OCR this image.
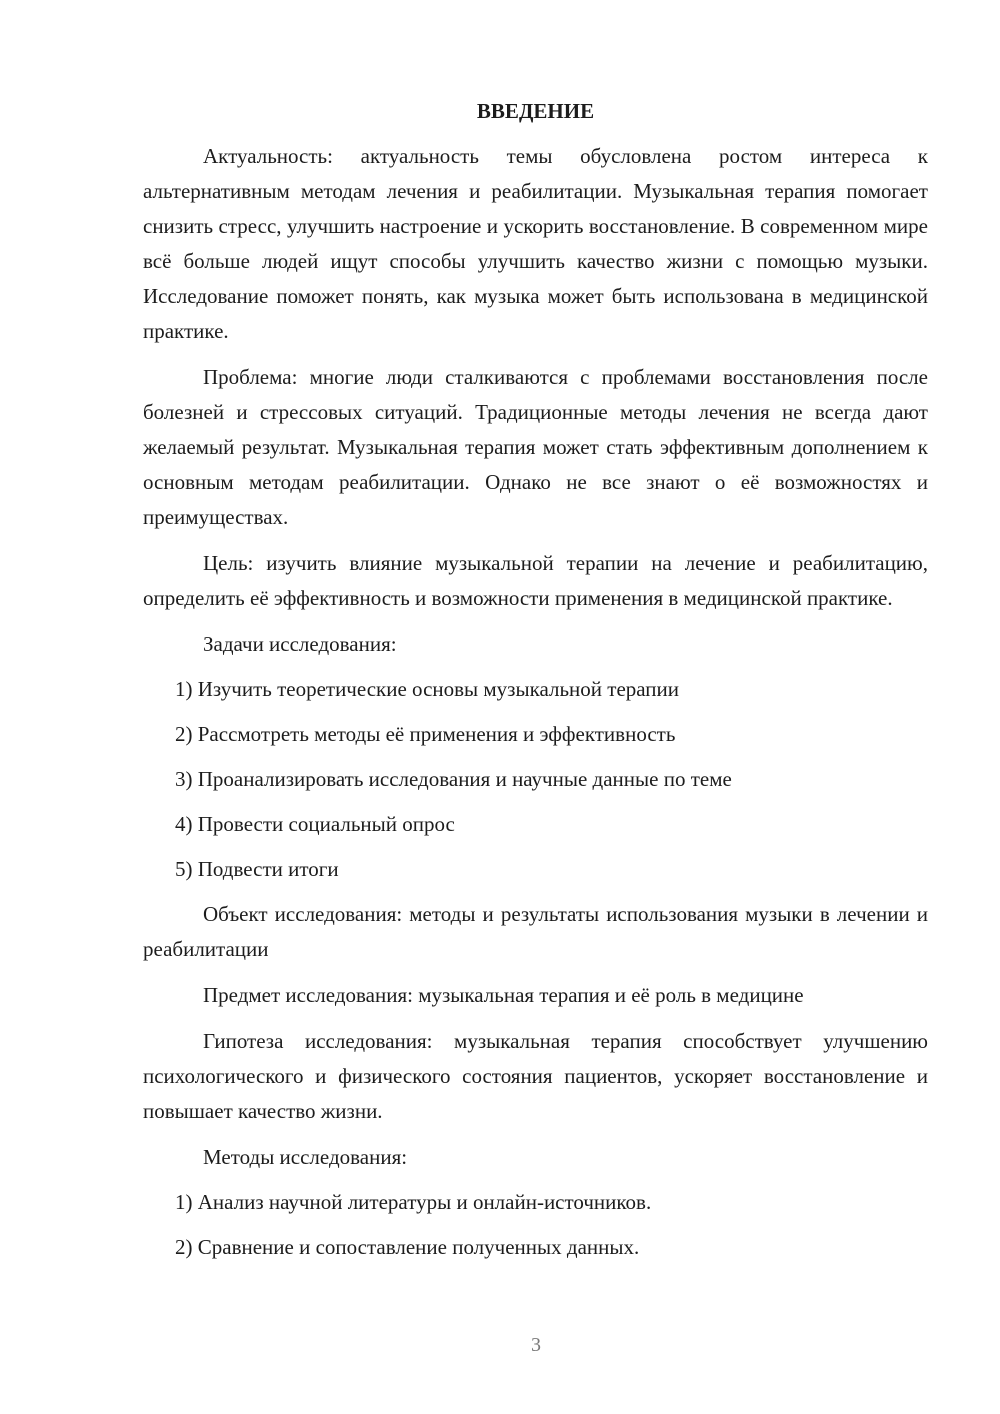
ВВЕДЕНИЕ

Актуальность: актуальность темы обусловлена ростом интереса к альтернативным методам лечения и реабилитации. Музыкальная терапия помогает снизить стресс, улучшить настроение и ускорить восстановление. В современном мире всё больше людей ищут способы улучшить качество жизни с помощью музыки. Исследование поможет понять, как музыка может быть использована в медицинской практике.

Проблема: многие люди сталкиваются с проблемами восстановления после болезней и стрессовых ситуаций. Традиционные методы лечения не всегда дают желаемый результат. Музыкальная терапия может стать эффективным дополнением к основным методам реабилитации. Однако не все знают о её возможностях и преимуществах.

Цель: изучить влияние музыкальной терапии на лечение и реабилитацию, определить её эффективность и возможности применения в медицинской практике.

Задачи исследования:
1) Изучить теоретические основы музыкальной терапии
2) Рассмотреть методы её применения и эффективность
3) Проанализировать исследования и научные данные по теме
4) Провести социальный опрос
5) Подвести итоги

Объект исследования: методы и результаты использования музыки в лечении и реабилитации

Предмет исследования: музыкальная терапия и её роль в медицине

Гипотеза исследования: музыкальная терапия способствует улучшению психологического и физического состояния пациентов, ускоряет восстановление и повышает качество жизни.

Методы исследования:
1) Анализ научной литературы и онлайн-источников.
2) Сравнение и сопоставление полученных данных.
3
